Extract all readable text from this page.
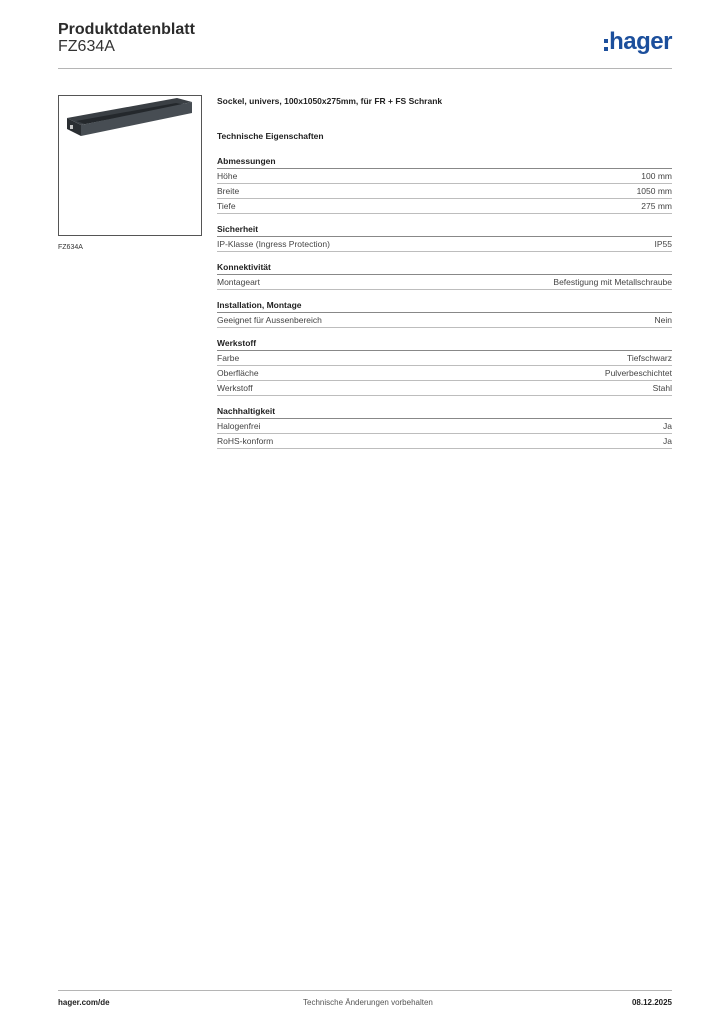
Produktdatenblatt
FZ634A	hager
FZ634A
Sockel, univers, 100x1050x275mm, für FR + FS Schrank
Technische Eigenschaften
Abmessungen
Höhe	100 mm
Breite	1050 mm
Tiefe	275 mm
Sicherheit
IP-Klasse (Ingress Protection)	IP55
Konnektivität
Montageart	Befestigung mit Metallschraube
Installation, Montage
Geeignet für Aussenbereich	Nein
Werkstoff
Farbe	Tiefschwarz
Oberfläche	Pulverbeschichtet
Werkstoff	Stahl
Nachhaltigkeit
Halogenfrei	Ja
RoHS-konform	Ja
hager.com/de	Technische Änderungen vorbehalten	08.12.2025
